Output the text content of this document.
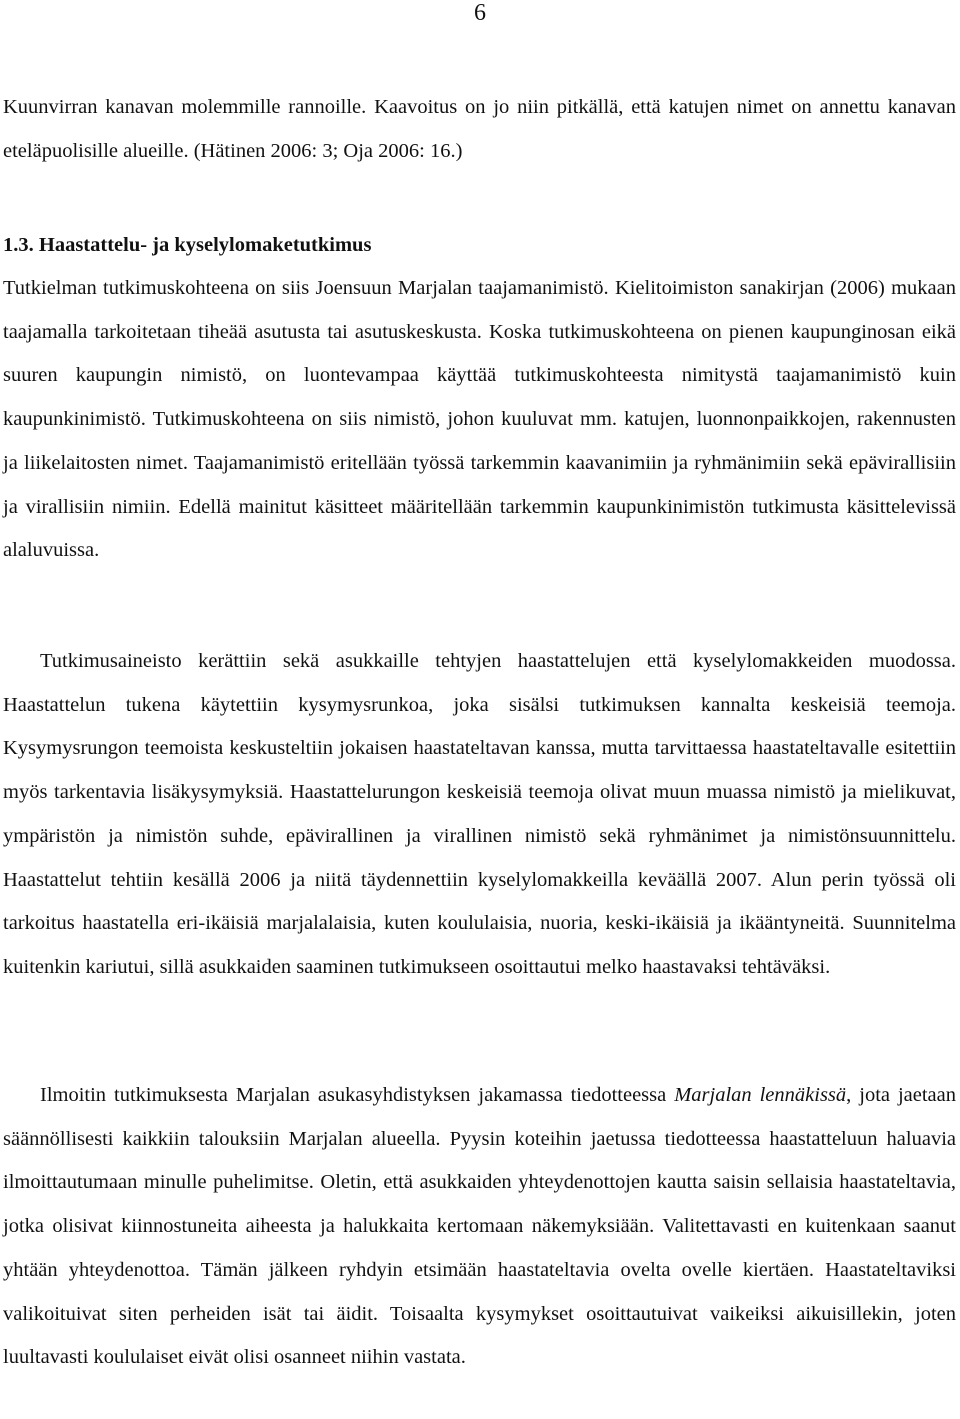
6

Kuunvirran kanavan molemmille rannoille. Kaavoitus on jo niin pitkällä, että katujen nimet on annettu kanavan eteläpuolisille alueille. (Hätinen 2006: 3; Oja 2006: 16.)

1.3. Haastattelu- ja kyselylomaketutkimus

Tutkielman tutkimuskohteena on siis Joensuun Marjalan taajamanimistö. Kielitoimiston sanakirjan (2006) mukaan taajamalla tarkoitetaan tiheää asutusta tai asutuskeskusta. Koska tutkimuskohteena on pienen kaupunginosan eikä suuren kaupungin nimistö, on luontevampaa käyttää tutkimuskohteesta nimitystä taajamanimistö kuin kaupunkinimistö. Tutkimuskohteena on siis nimistö, johon kuuluvat mm. katujen, luonnonpaikkojen, rakennusten ja liikelaitosten nimet. Taajamanimistö eritellään työssä tarkemmin kaavanimiin ja ryhmänimiin sekä epävirallisiin ja virallisiin nimiin. Edellä mainitut käsitteet määritellään tarkemmin kaupunkinimistön tutkimusta käsittelevissä alaluvuissa.

Tutkimusaineisto kerättiin sekä asukkaille tehtyjen haastattelujen että kyselylomakkeiden muodossa. Haastattelun tukena käytettiin kysymysrunkoa, joka sisälsi tutkimuksen kannalta keskeisiä teemoja. Kysymysrungon teemoista keskusteltiin jokaisen haastateltavan kanssa, mutta tarvittaessa haastateltavalle esitettiin myös tarkentavia lisäkysymyksiä. Haastattelurungon keskeisiä teemoja olivat muun muassa nimistö ja mielikuvat, ympäristön ja nimistön suhde, epävirallinen ja virallinen nimistö sekä ryhmänimet ja nimistönsuunnittelu. Haastattelut tehtiin kesällä 2006 ja niitä täydennettiin kyselylomakkeilla keväällä 2007. Alun perin työssä oli tarkoitus haastatella eri-ikäisiä marjalalaisia, kuten koululaisia, nuoria, keski-ikäisiä ja ikääntyneitä. Suunnitelma kuitenkin kariutui, sillä asukkaiden saaminen tutkimukseen osoittautui melko haastavaksi tehtäväksi.

Ilmoitin tutkimuksesta Marjalan asukasyhdistyksen jakamassa tiedotteessa Marjalan lennäkissä, jota jaetaan säännöllisesti kaikkiin talouksiin Marjalan alueella. Pyysin koteihin jaetussa tiedotteessa haastatteluun haluavia ilmoittautumaan minulle puhelimitse. Oletin, että asukkaiden yhteydenottojen kautta saisin sellaisia haastateltavia, jotka olisivat kiinnostuneita aiheesta ja halukkaita kertomaan näkemyksiään. Valitettavasti en kuitenkaan saanut yhtään yhteydenottoa. Tämän jälkeen ryhdyin etsimään haastateltavia ovelta ovelle kiertäen. Haastateltaviksi valikoituivat siten perheiden isät tai äidit. Toisaalta kysymykset osoittautuivat vaikeiksi aikuisillekin, joten luultavasti koululaiset eivät olisi osanneet niihin vastata.
